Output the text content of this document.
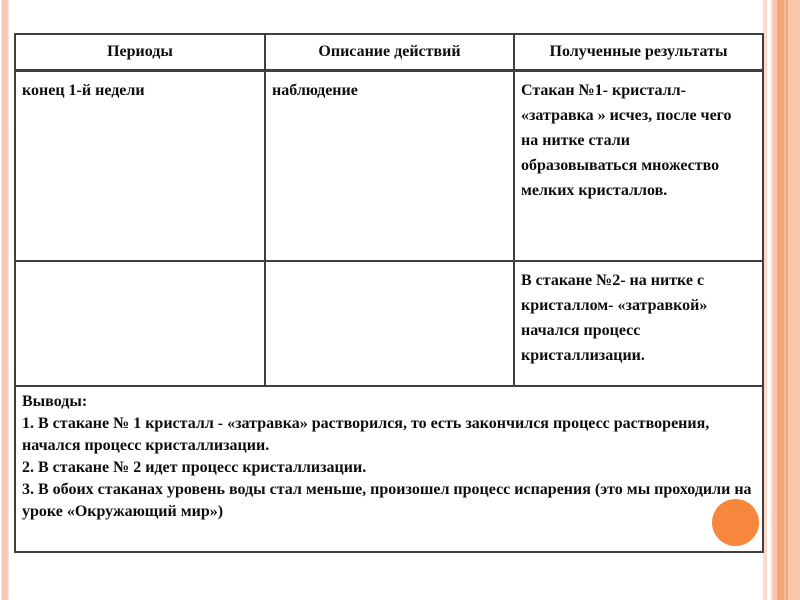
Периоды	Описание действий	Полученные результаты
конец 1-й недели	наблюдение	Стакан №1- кристалл- «затравка » исчез, после чего на нитке стали образовываться множество мелких кристаллов.
		В стакане №2- на нитке с кристаллом- «затравкой» начался процесс кристаллизации.

Выводы:
1. В стакане № 1 кристалл - «затравка» растворился, то есть закончился процесс растворения, начался процесс кристаллизации.
2. В стакане № 2 идет процесс кристаллизации.
3. В обоих стаканах уровень воды стал меньше, произошел процесс испарения (это мы проходили на уроке «Окружающий мир»)		
